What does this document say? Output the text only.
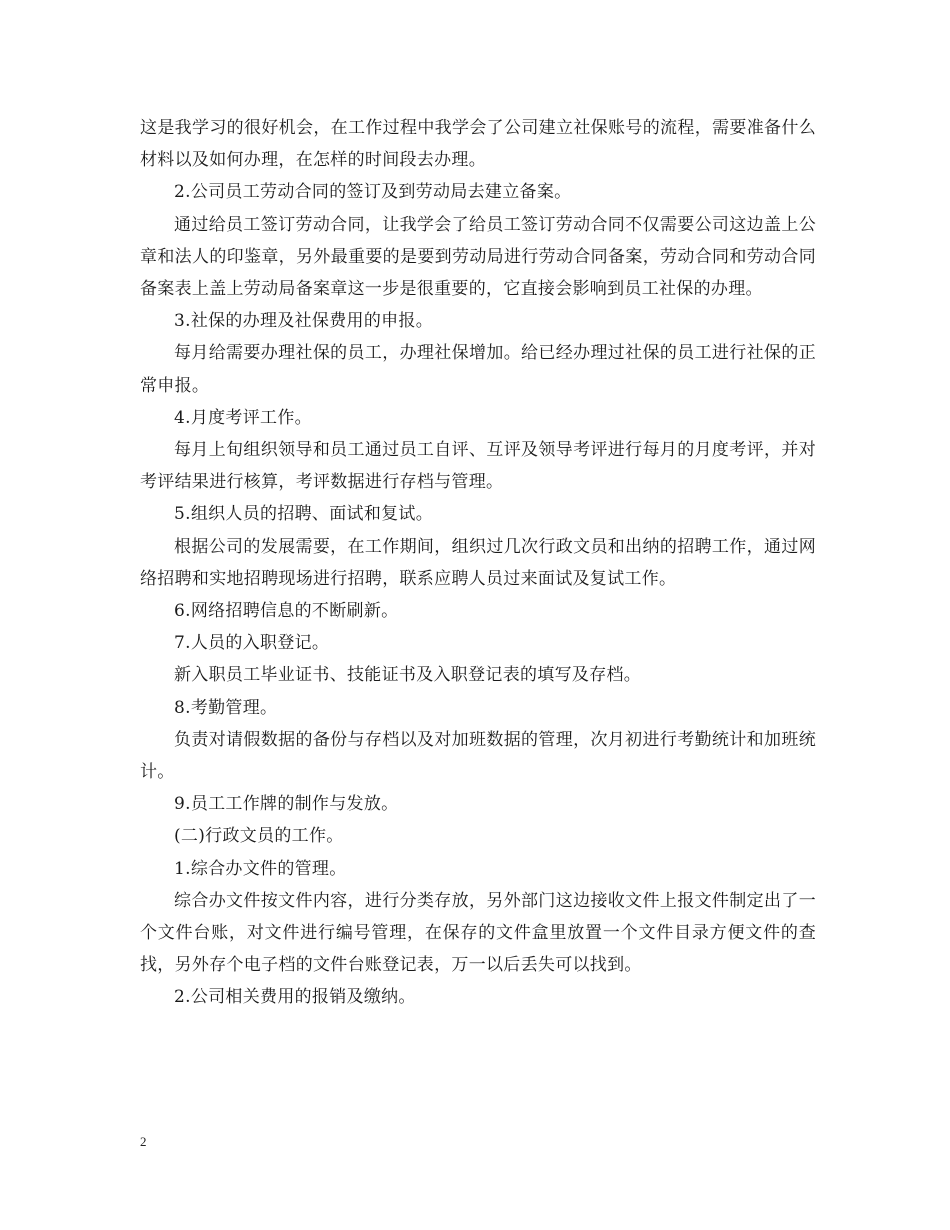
这是我学习的很好机会，在工作过程中我学会了公司建立社保账号的流程，需要准备什么材料以及如何办理，在怎样的时间段去办理。

2.公司员工劳动合同的签订及到劳动局去建立备案。

通过给员工签订劳动合同，让我学会了给员工签订劳动合同不仅需要公司这边盖上公章和法人的印鉴章，另外最重要的是要到劳动局进行劳动合同备案，劳动合同和劳动合同备案表上盖上劳动局备案章这一步是很重要的，它直接会影响到员工社保的办理。

3.社保的办理及社保费用的申报。

每月给需要办理社保的员工，办理社保增加。给已经办理过社保的员工进行社保的正常申报。

4.月度考评工作。

每月上旬组织领导和员工通过员工自评、互评及领导考评进行每月的月度考评，并对考评结果进行核算，考评数据进行存档与管理。

5.组织人员的招聘、面试和复试。

根据公司的发展需要，在工作期间，组织过几次行政文员和出纳的招聘工作，通过网络招聘和实地招聘现场进行招聘，联系应聘人员过来面试及复试工作。

6.网络招聘信息的不断刷新。

7.人员的入职登记。

新入职员工毕业证书、技能证书及入职登记表的填写及存档。

8.考勤管理。

负责对请假数据的备份与存档以及对加班数据的管理，次月初进行考勤统计和加班统计。

9.员工工作牌的制作与发放。

(二)行政文员的工作。

1.综合办文件的管理。

综合办文件按文件内容，进行分类存放，另外部门这边接收文件上报文件制定出了一个文件台账，对文件进行编号管理，在保存的文件盒里放置一个文件目录方便文件的查找，另外存个电子档的文件台账登记表，万一以后丢失可以找到。

2.公司相关费用的报销及缴纳。

2
